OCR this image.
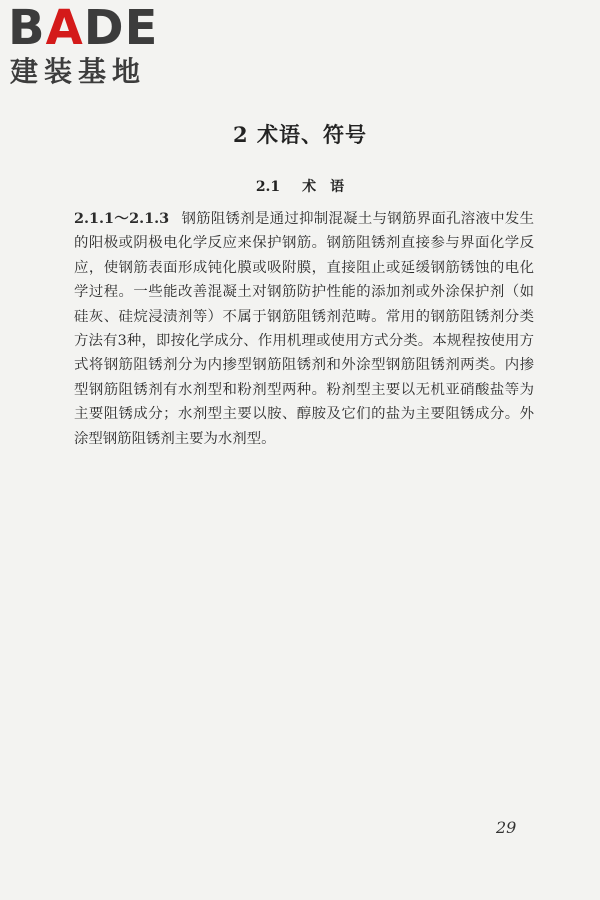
BADE
建装基地
2 术语、符号
2.1 术　语
2.1.1～2.1.3 钢筋阻锈剂是通过抑制混凝土与钢筋界面孔溶液中发生的阳极或阴极电化学反应来保护钢筋。钢筋阻锈剂直接参与界面化学反应，使钢筋表面形成钝化膜或吸附膜，直接阻止或延缓钢筋锈蚀的电化学过程。一些能改善混凝土对钢筋防护性能的添加剂或外涂保护剂（如硅灰、硅烷浸渍剂等）不属于钢筋阻锈剂范畴。常用的钢筋阻锈剂分类方法有3种，即按化学成分、作用机理或使用方式分类。本规程按使用方式将钢筋阻锈剂分为内掺型钢筋阻锈剂和外涂型钢筋阻锈剂两类。内掺型钢筋阻锈剂有水剂型和粉剂型两种。粉剂型主要以无机亚硝酸盐等为主要阻锈成分；水剂型主要以胺、醇胺及它们的盐为主要阻锈成分。外涂型钢筋阻锈剂主要为水剂型。
29
